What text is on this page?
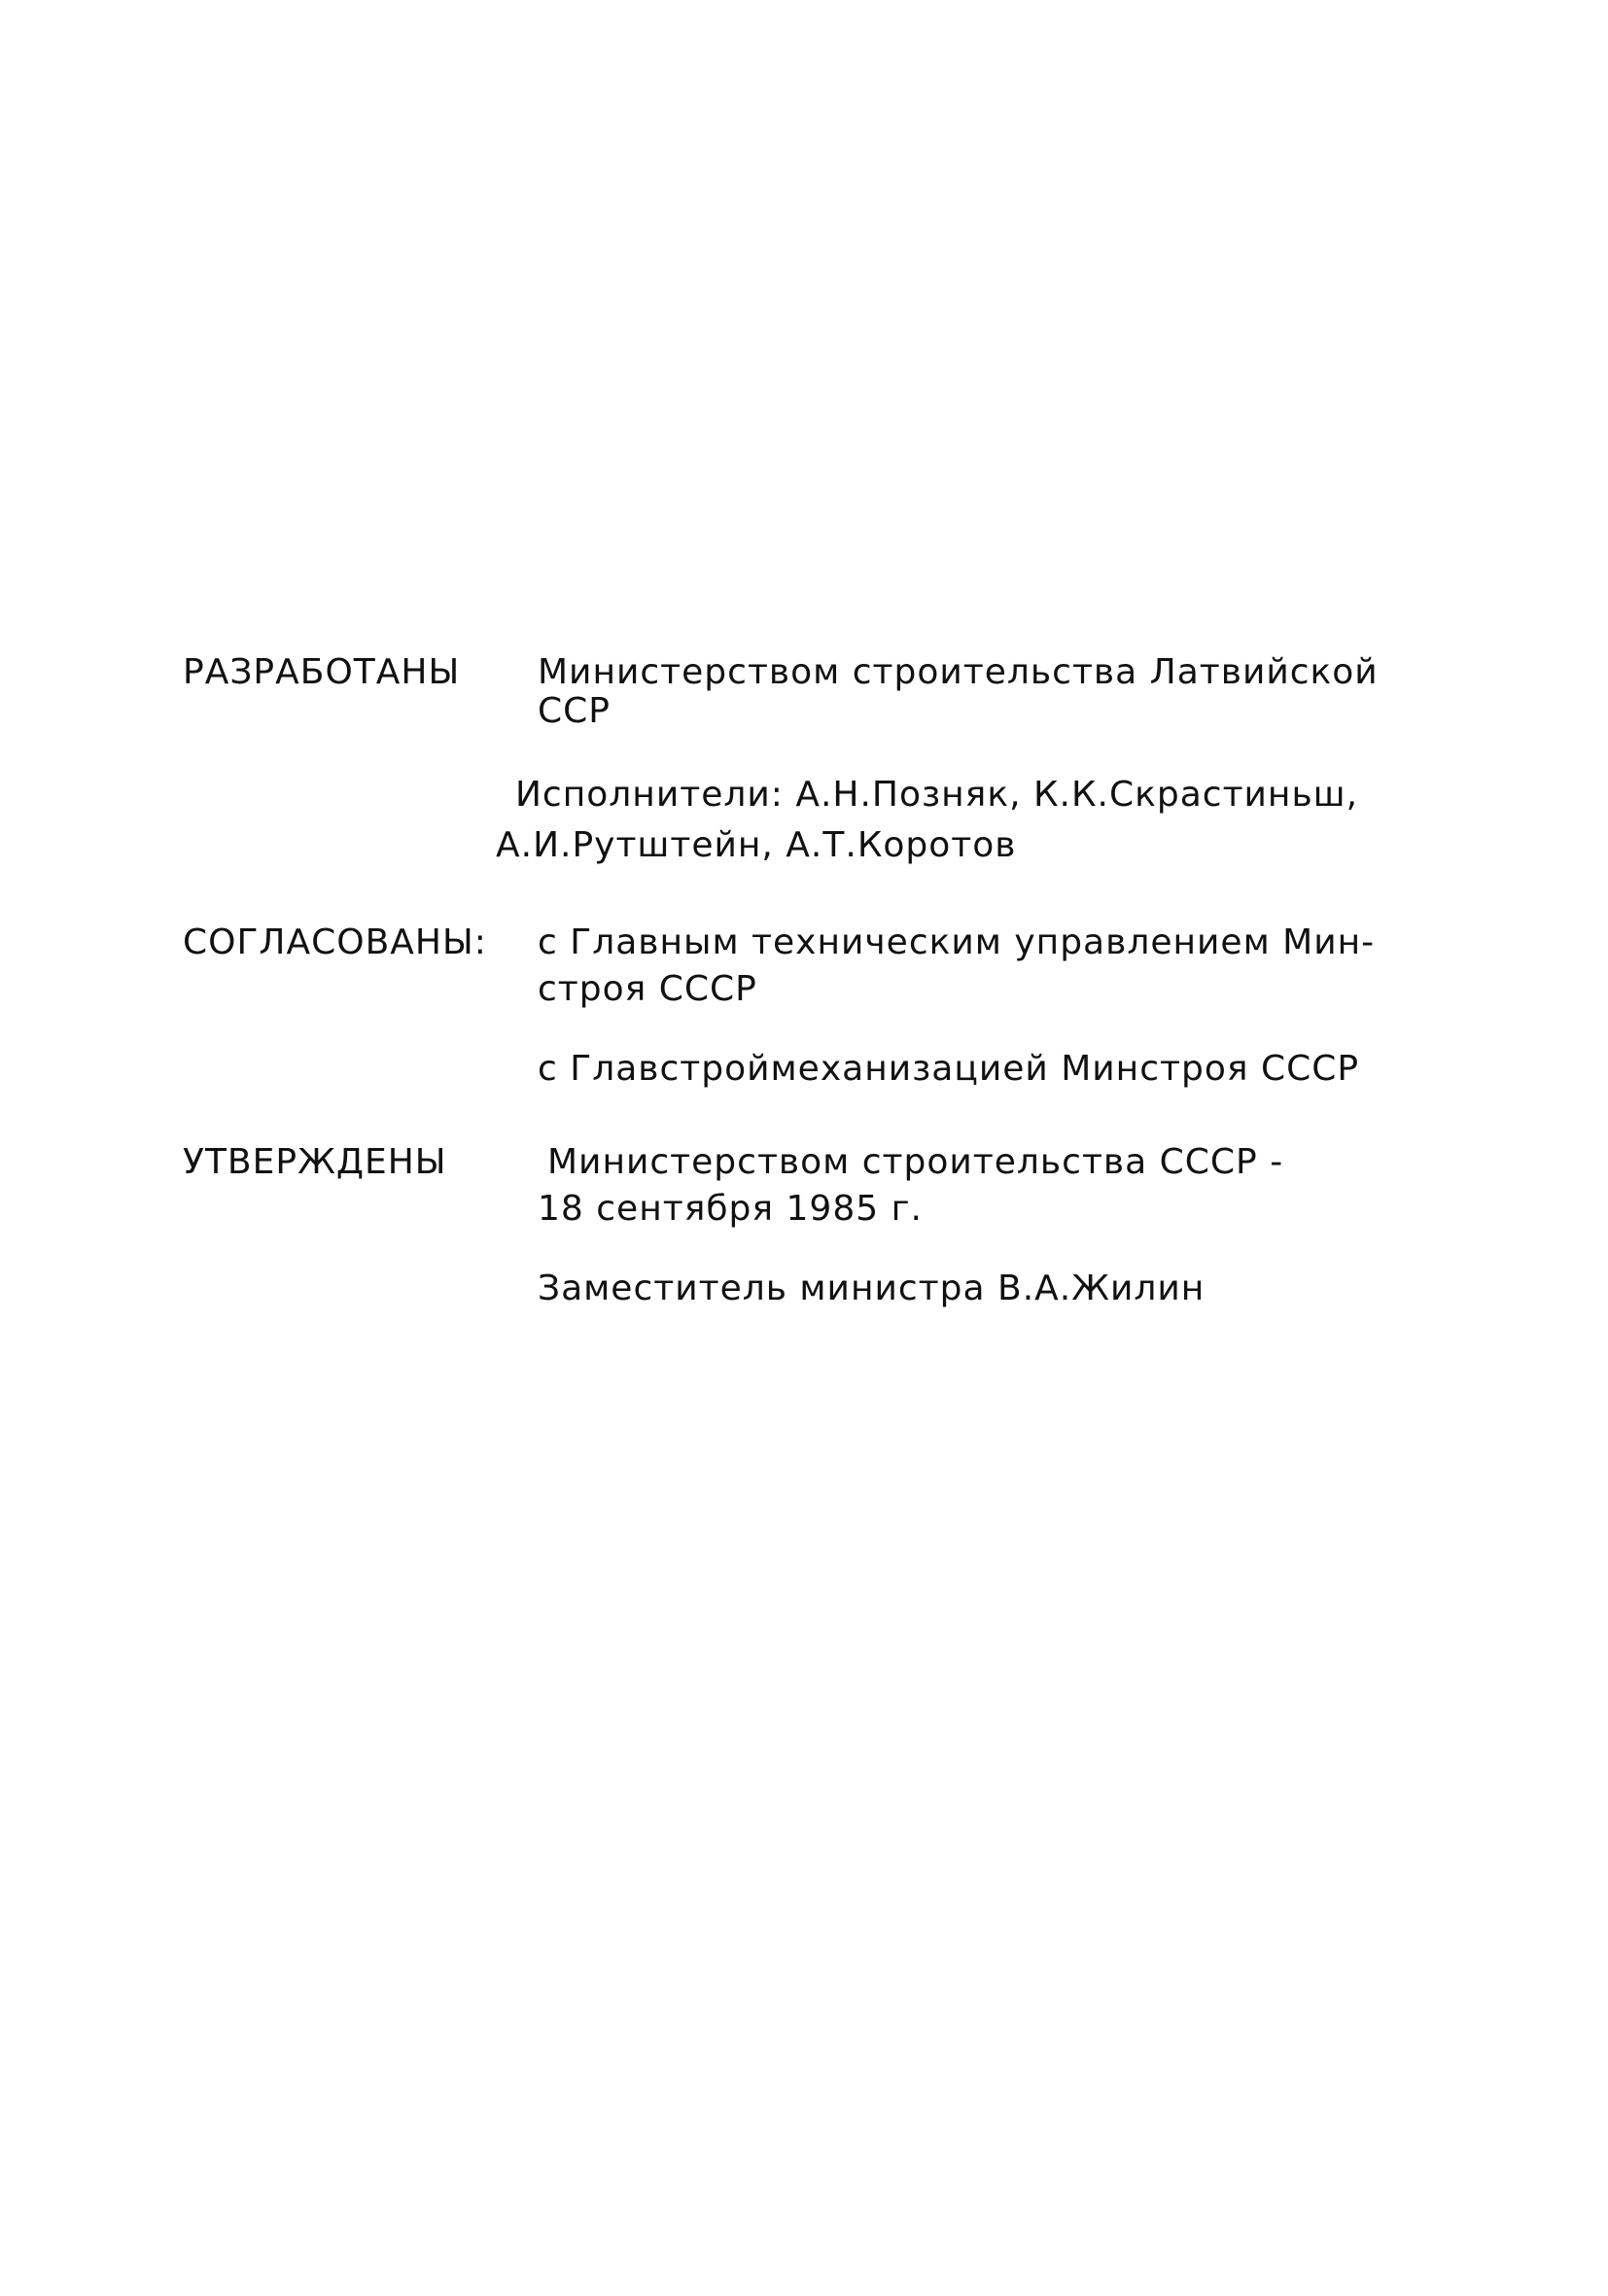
РАЗРАБОТАНЫ Министерством строительства Латвийской
ССР
Исполнители: А.Н.Позняк, К.К.Скрастиньш,
А.И.Рутштейн, А.Т.Коротов
СОГЛАСОВАНЫ: с Главным техническим управлением Мин-
строя СССР
с Главстроймеханизацией Минстроя СССР
УТВЕРЖДЕНЫ	Министерством строительства СССР -
18 сентября 1985 г.
Заместитель министра В.А.Жилин
